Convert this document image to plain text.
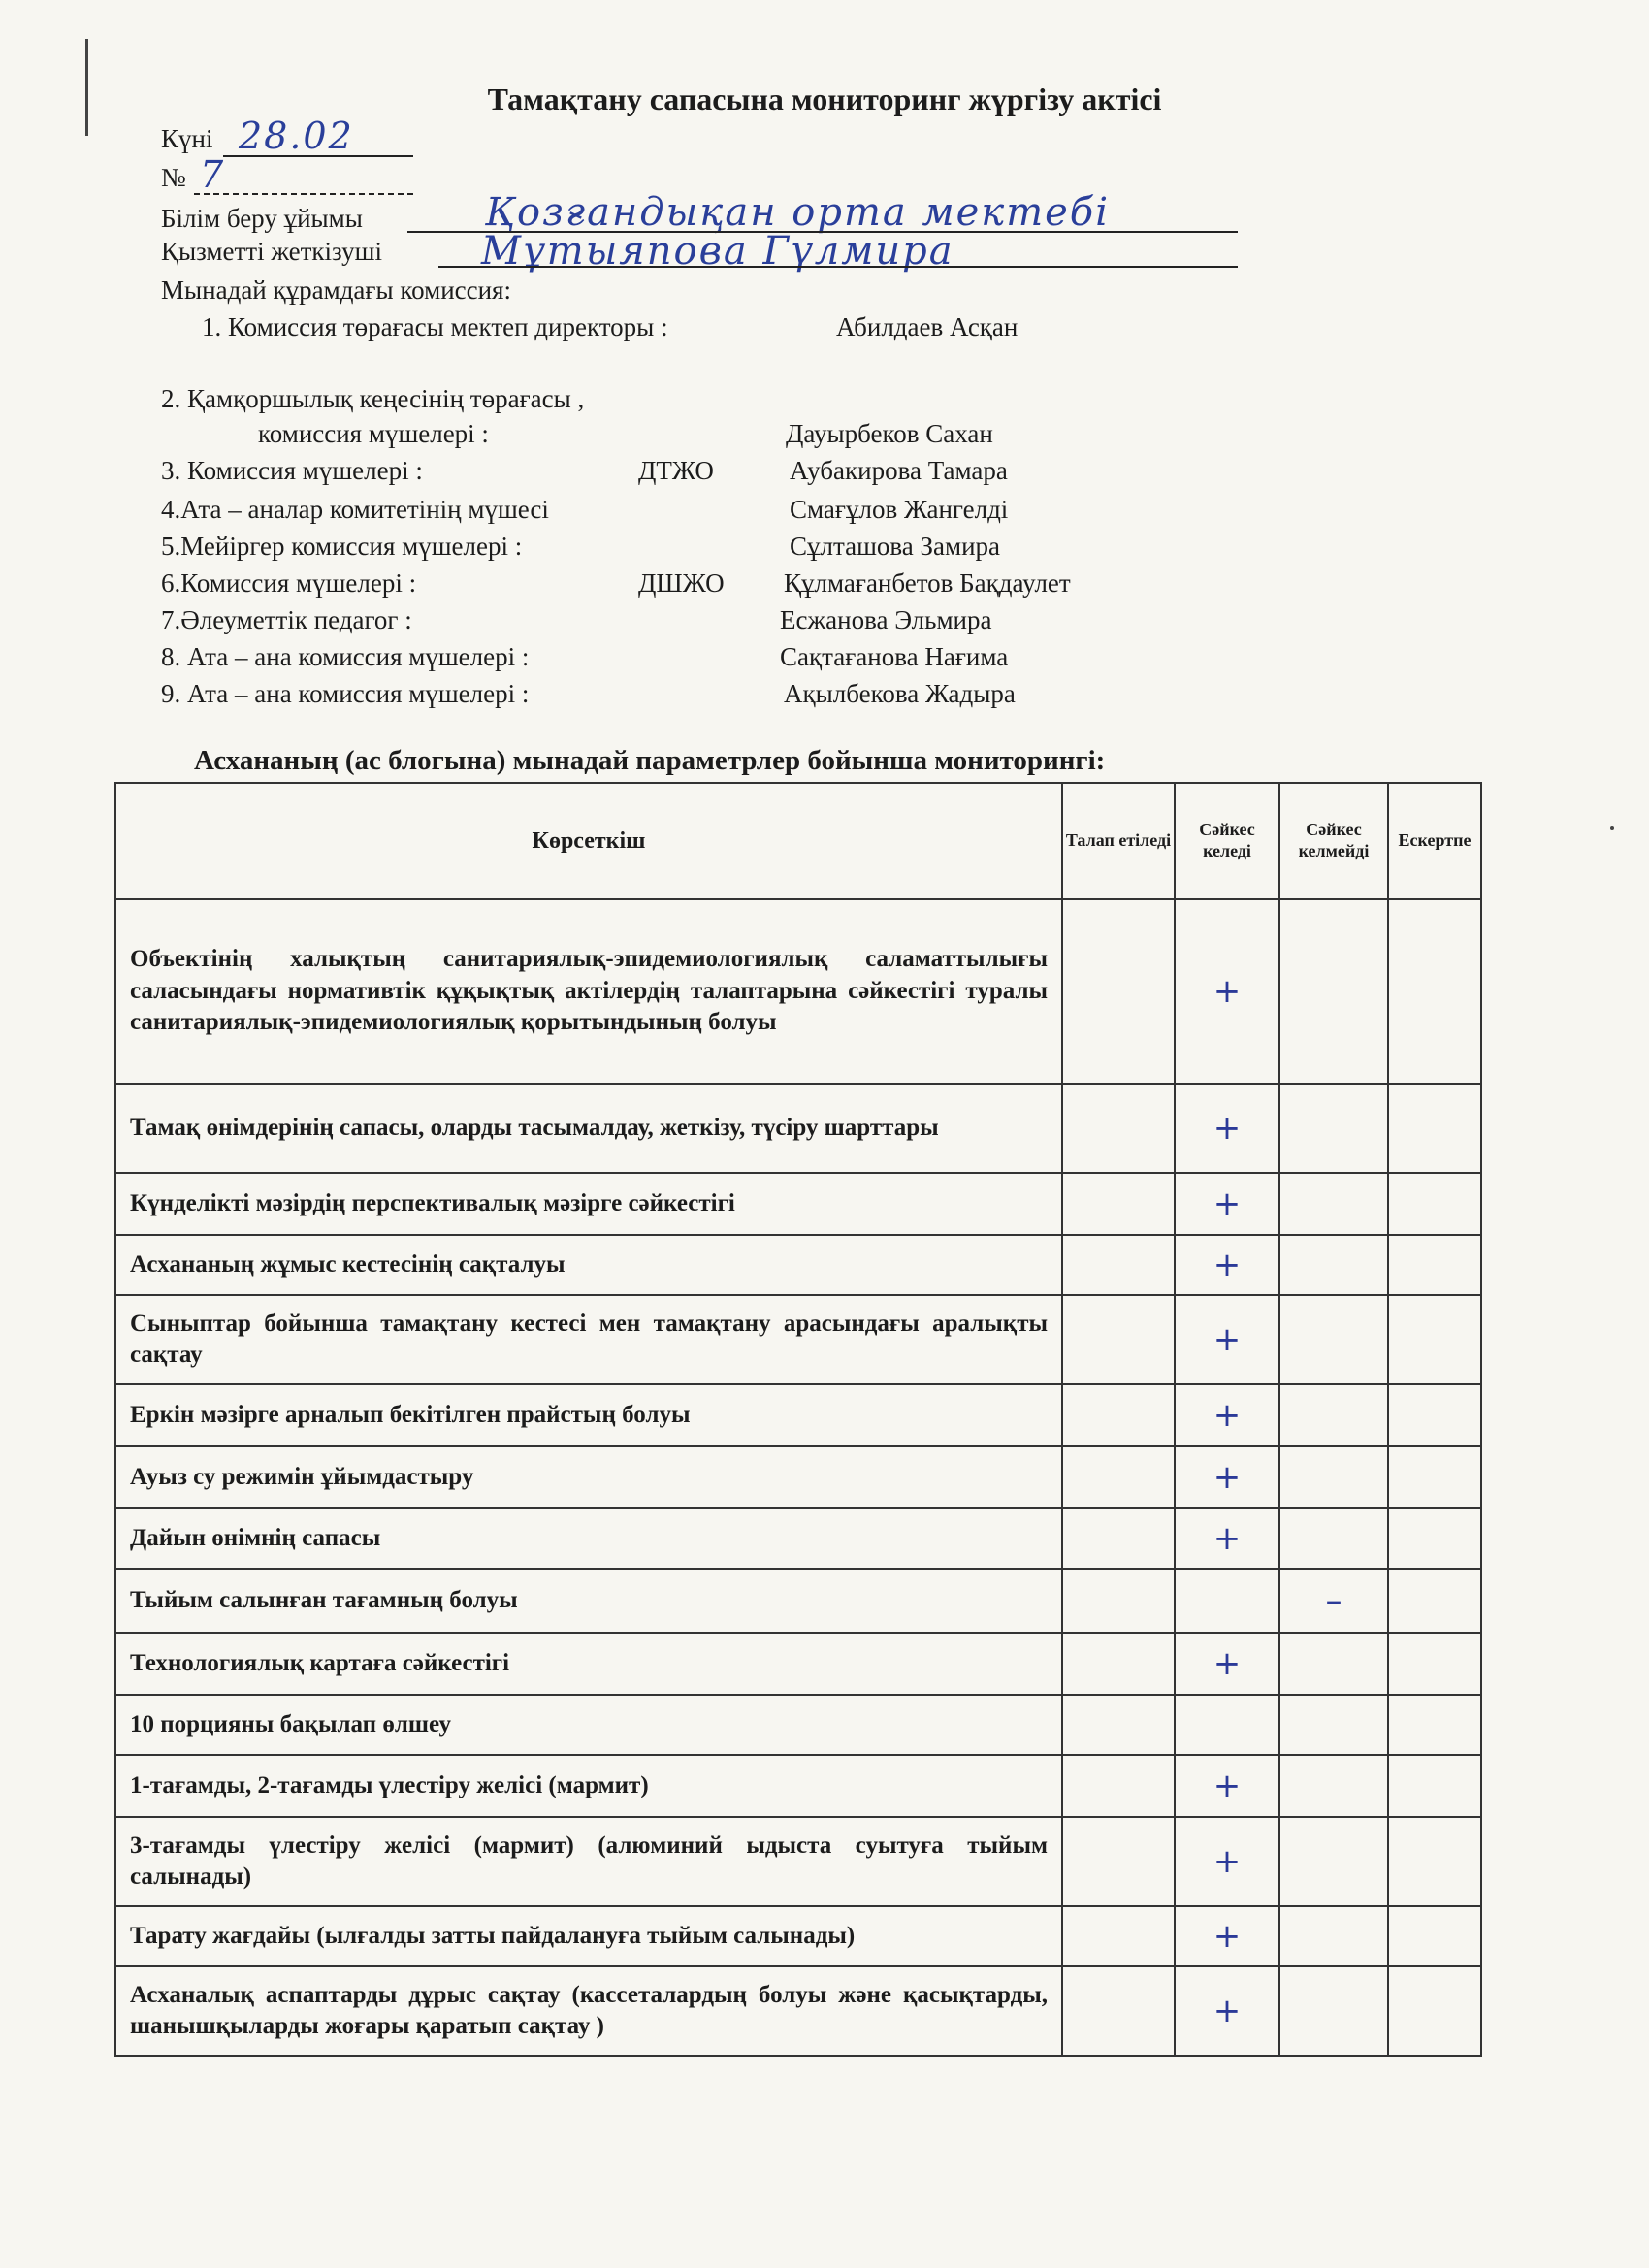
Тамақтану сапасына мониторинг жүргізу актісі
Күні 28.02
№ 7
Білім беру ұйымы	Қозғандықан орта мектебі
Қызметті жеткізуші	Мұтыяпова Гүлмира
Мынадай құрамдағы комиссия:
1. Комиссия төрағасы мектеп директоры :	Абилдаев Асқан
2. Қамқоршылық кеңесінің төрағасы ,
комиссия мүшелері :	Дауырбеков Сахан
3. Комиссия мүшелері :	ДТЖО	Аубакирова Тамара
4.Ата – аналар комитетінің мүшесі	Смағұлов Жангелді
5.Мейіргер комиссия мүшелері :	Сұлташова Замира
6.Комиссия мүшелері :	ДШЖО Құлмағанбетов Бақдаулет
7.Әлеуметтік педагог :	Есжанова Эльмира
8. Ата – ана комиссия мүшелері :	Сақтағанова Нағима
9. Ата – ана комиссия мүшелері :	Ақылбекова Жадыра
Асхананың (ас блогына) мынадай параметрлер бойынша мониторингі:
Көрсеткіш	Талап етіледі	Сәйкес келеді	Сәйкес келмейді	Ескертпе
Объектінің халықтың санитариялық-эпидемиологиялық саламаттылығы саласындағы нормативтік құқықтық актілердің талаптарына сәйкестігі туралы санитариялық-эпидемиологиялық қорытындының болуы		+		
Тамақ өнімдерінің сапасы, оларды тасымалдау, жеткізу, түсіру шарттары		+		
Күнделікті мәзірдің перспективалық мәзірге сәйкестігі		+		
Асхананың жұмыс кестесінің сақталуы		+		
Сыныптар бойынша тамақтану кестесі мен тамақтану арасындағы аралықты сақтау		+		
Еркін мәзірге арналып бекітілген прайстың болуы		+		
Ауыз су режимін ұйымдастыру		+		
Дайын өнімнің сапасы		+		
Тыйым салынған тағамның болуы			–	
Технологиялық картаға сәйкестігі		+		
10 порцияны бақылап өлшеу				
1-тағамды, 2-тағамды үлестіру желісі (мармит)		+		
3-тағамды үлестіру желісі (мармит) (алюминий ыдыста суытуға тыйым салынады)		+		
Тарату жағдайы (ылғалды затты пайдалануға тыйым салынады)		+		
Асханалық аспаптарды дұрыс сақтау (кассеталардың болуы және қасықтарды, шанышқыларды жоғары қаратып сақтау )		+		
